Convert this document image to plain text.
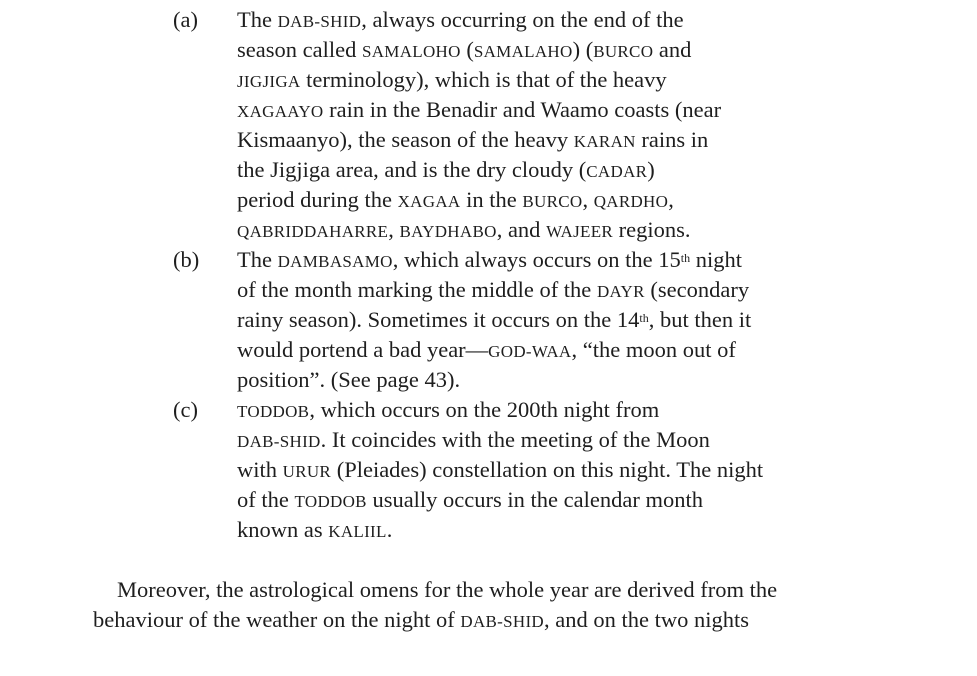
(a)	The DAB-SHID, always occurring on the end of the
season called SAMALOHO (SAMALAHO) (BURCO and
JIGJIGA terminology), which is that of the heavy
XAGAAYO rain in the Benadir and Waamo coasts (near
Kismaanyo), the season of the heavy KARAN rains in
the Jigjiga area, and is the dry cloudy (CADAR)
period during the XAGAA in the BURCO, QARDHO,
QABRIDDAHARRE, BAYDHABO, and WAJEER regions.
(b)	The DAMBASAMO, which always occurs on the 15th night
of the month marking the middle of the DAYR (secondary
rainy season). Sometimes it occurs on the 14th, but then it
would portend a bad year—GOD-WAA, “the moon out of
position”. (See page 43).
(c)	TODDOB, which occurs on the 200th night from
DAB-SHID. It coincides with the meeting of the Moon
with URUR (Pleiades) constellation on this night. The night
of the TODDOB usually occurs in the calendar month
known as KALIIL.
Moreover, the astrological omens for the whole year are derived from the
behaviour of the weather on the night of DAB-SHID, and on the two nights
